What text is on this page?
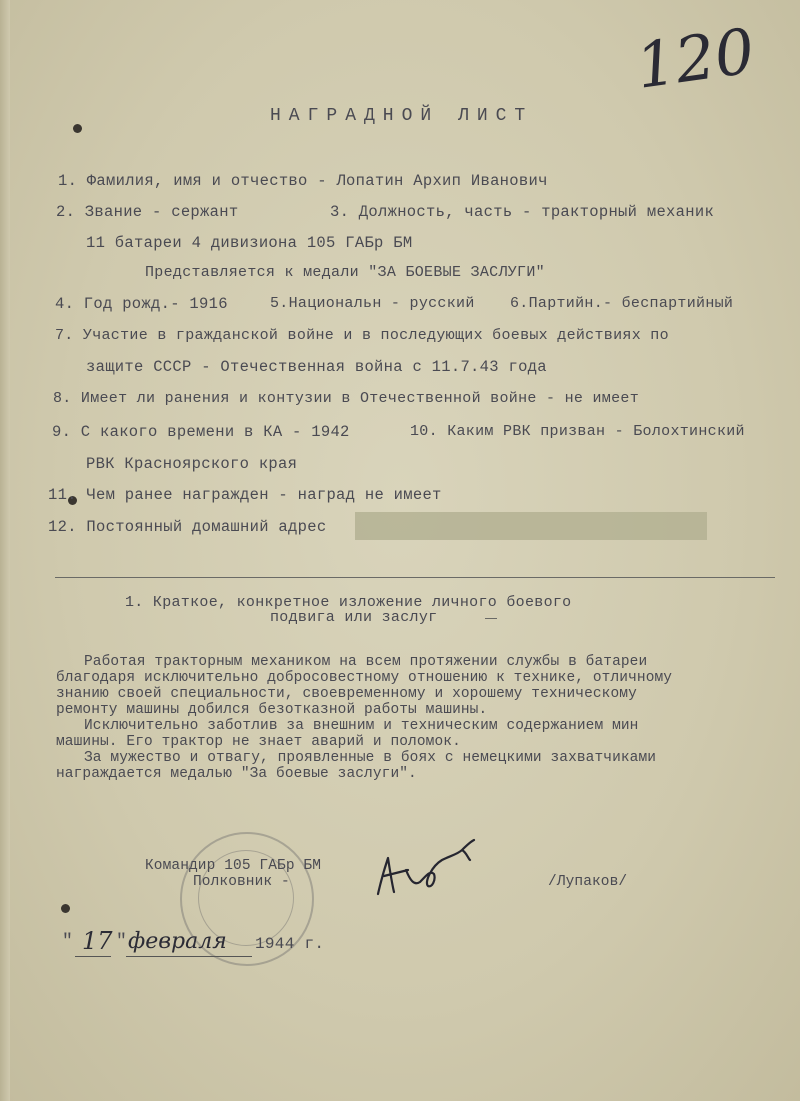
120
НАГРАДНОЙ ЛИСТ
1. Фамилия, имя и отчество - Лопатин Архип Иванович
2. Звание - сержант	3. Должность, часть - тракторный механик
11 батареи 4 дивизиона 105 ГАБр БМ
Представляется к медали "ЗА БОЕВЫЕ ЗАСЛУГИ"
4. Год рожд.- 1916	5.Национальн - русский 6.Партийн.- беспартийный
7. Участие в гражданской войне и в последующих боевых действиях по
защите СССР - Отечественная война с 11.7.43 года
8. Имеет ли ранения и контузии в Отечественной войне - не имеет
9. С какого времени в КА - 1942	10. Каким РВК призван - Болохтинский
РВК Красноярского края
11. Чем ранее награжден - наград не имеет
12. Постоянный домашний адрес
1. Краткое, конкретное изложение личного боевого
подвига или заслуг
Работая тракторным механиком на всем протяжении службы в батареи
благодаря исключительно добросовестному отношению к технике, отличному
знанию своей специальности, своевременному и хорошему техническому
ремонту машины добился безотказной работы машины.
Исключительно заботлив за внешним и техническим содержанием мин
машины. Его трактор не знает аварий и поломок.
За мужество и отвагу, проявленные в боях с немецкими захватчиками
награждается медалью "За боевые заслуги".
Командир 105 ГАБр БМ
Полковник -	/Лупаков/
" 17 " февраля 1944 г.
